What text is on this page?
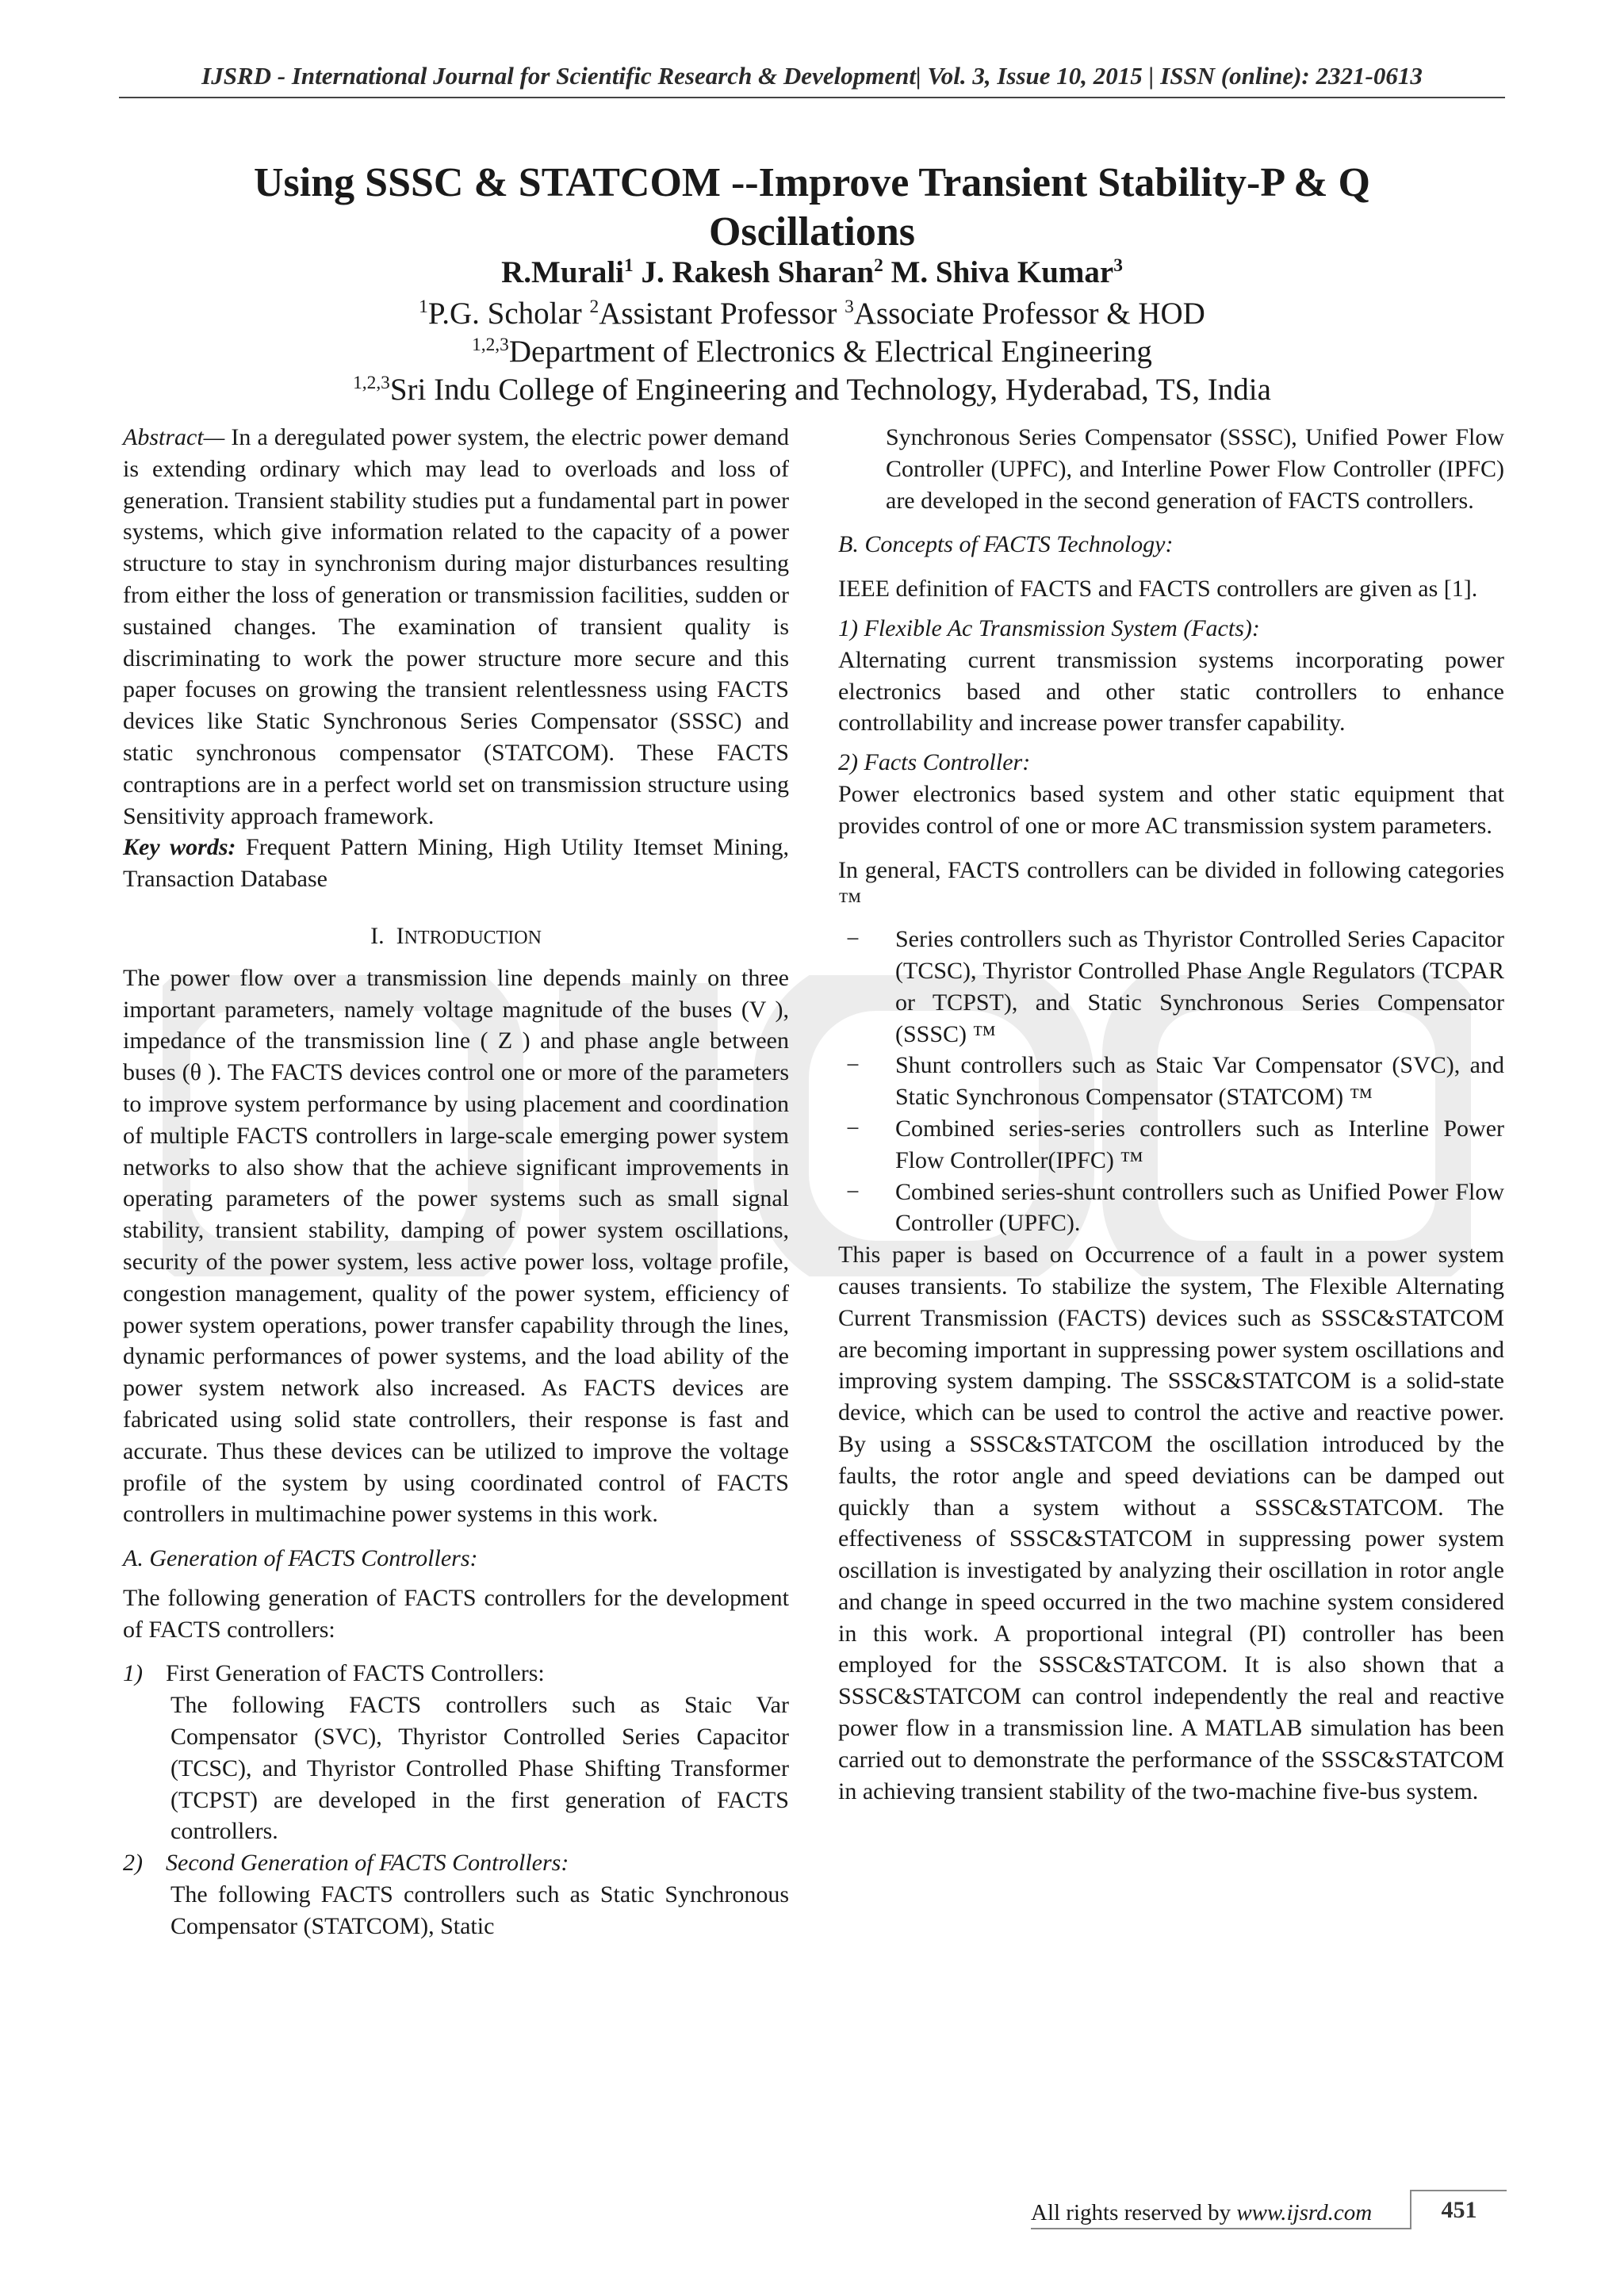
IJSRD - International Journal for Scientific Research & Development| Vol. 3, Issue 10, 2015 | ISSN (online): 2321-0613
Using SSSC & STATCOM --Improve Transient Stability-P & Q
Oscillations
R.Murali$^1$ J. Rakesh Sharan$^2$ M. Shiva Kumar$^3$
$^1$P.G. Scholar $^2$Assistant Professor $^3$Associate Professor & HOD
$^{1,2,3}$Department of Electronics & Electrical Engineering
$^{1,2,3}$Sri Indu College of Engineering and Technology, Hyderabad, TS, India

Abstract— In a deregulated power system, the electric power demand is extending ordinary which may lead to overloads and loss of generation. Transient stability studies put a fundamental part in power systems, which give information related to the capacity of a power structure to stay in synchronism during major disturbances resulting from either the loss of generation or transmission facilities, sudden or sustained changes. The examination of transient quality is discriminating to work the power structure more secure and this paper focuses on growing the transient relentlessness using FACTS devices like Static Synchronous Series Compensator (SSSC) and static synchronous compensator (STATCOM). These FACTS contraptions are in a perfect world set on transmission structure using Sensitivity approach framework.

Key words: Frequent Pattern Mining, High Utility Itemset Mining, Transaction Database

I. INTRODUCTION

The power flow over a transmission line depends mainly on three important parameters, namely voltage magnitude of the buses (V ), impedance of the transmission line ( Z ) and phase angle between buses (θ ). The FACTS devices control one or more of the parameters to improve system performance by using placement and coordination of multiple FACTS controllers in large-scale emerging power system networks to also show that the achieve significant improvements in operating parameters of the power systems such as small signal stability, transient stability, damping of power system oscillations, security of the power system, less active power loss, voltage profile, congestion management, quality of the power system, efficiency of power system operations, power transfer capability through the lines, dynamic performances of power systems, and the load ability of the power system network also increased. As FACTS devices are fabricated using solid state controllers, their response is fast and accurate. Thus these devices can be utilized to improve the voltage profile of the system by using coordinated control of FACTS controllers in multimachine power systems in this work.

A. Generation of FACTS Controllers:

The following generation of FACTS controllers for the development of FACTS controllers:

1) First Generation of FACTS Controllers:

The following FACTS controllers such as Staic Var Compensator (SVC), Thyristor Controlled Series Capacitor (TCSC), and Thyristor Controlled Phase Shifting Transformer (TCPST) are developed in the first generation of FACTS controllers.

2) Second Generation of FACTS Controllers:

The following FACTS controllers such as Static Synchronous Compensator (STATCOM), Static

Synchronous Series Compensator (SSSC), Unified Power Flow Controller (UPFC), and Interline Power Flow Controller (IPFC) are developed in the second generation of FACTS controllers.

B. Concepts of FACTS Technology:

IEEE definition of FACTS and FACTS controllers are given as [1].

1) Flexible Ac Transmission System (Facts):

Alternating current transmission systems incorporating power electronics based and other static controllers to enhance controllability and increase power transfer capability.

2) Facts Controller:

Power electronics based system and other static equipment that provides control of one or more AC transmission system parameters.

In general, FACTS controllers can be divided in following categories ™

− Series controllers such as Thyristor Controlled Series Capacitor (TCSC), Thyristor Controlled Phase Angle Regulators (TCPAR or TCPST), and Static Synchronous Series Compensator (SSSC) ™
− Shunt controllers such as Staic Var Compensator (SVC), and Static Synchronous Compensator (STATCOM) ™
− Combined series-series controllers such as Interline Power Flow Controller(IPFC) ™
− Combined series-shunt controllers such as Unified Power Flow Controller (UPFC).

This paper is based on Occurrence of a fault in a power system causes transients. To stabilize the system, The Flexible Alternating Current Transmission (FACTS) devices such as SSSC&STATCOM are becoming important in suppressing power system oscillations and improving system damping. The SSSC&STATCOM is a solid-state device, which can be used to control the active and reactive power. By using a SSSC&STATCOM the oscillation introduced by the faults, the rotor angle and speed deviations can be damped out quickly than a system without a SSSC&STATCOM. The effectiveness of SSSC&STATCOM in suppressing power system oscillation is investigated by analyzing their oscillation in rotor angle and change in speed occurred in the two machine system considered in this work. A proportional integral (PI) controller has been employed for the SSSC&STATCOM. It is also shown that a SSSC&STATCOM can control independently the real and reactive power flow in a transmission line. A MATLAB simulation has been carried out to demonstrate the performance of the SSSC&STATCOM in achieving transient stability of the two-machine five-bus system.

All rights reserved by www.ijsrd.com	451
